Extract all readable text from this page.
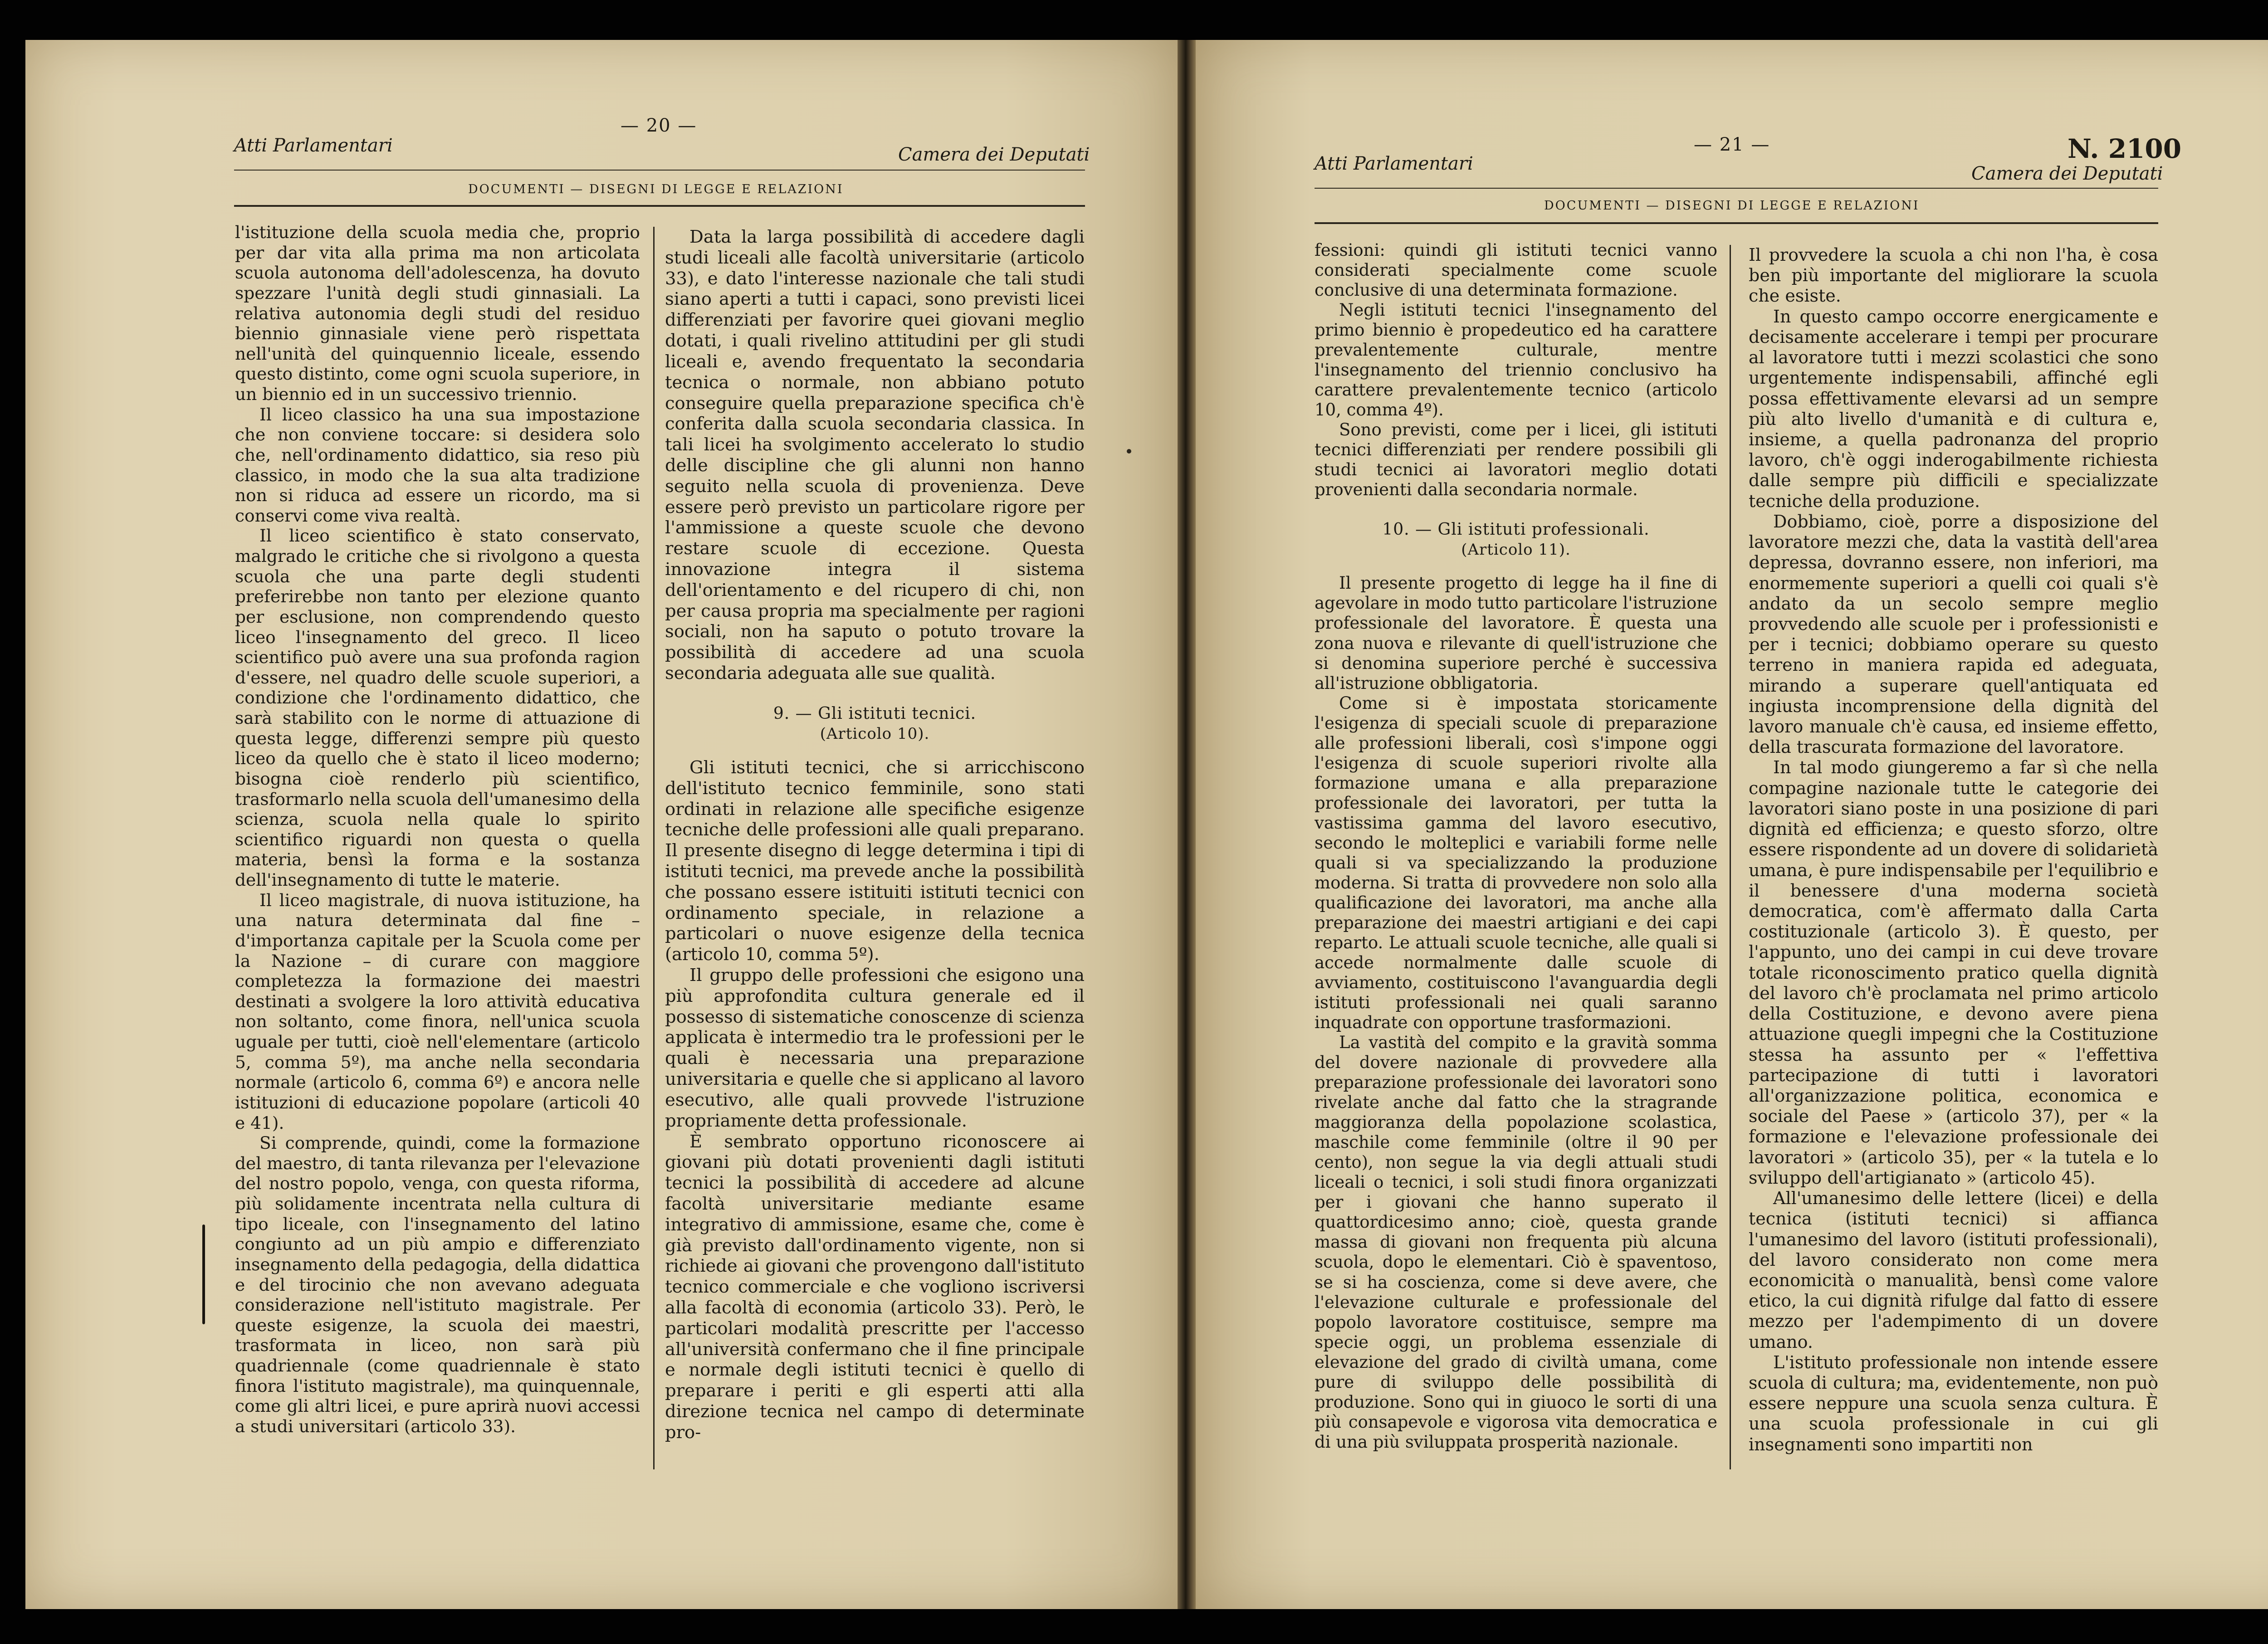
— 20 —
Atti Parlamentari	Camera dei Deputati
DOCUMENTI — DISEGNI DI LEGGE E RELAZIONI

l'istituzione della scuola media che, proprio per dar vita alla prima ma non articolata scuola autonoma dell'adolescenza, ha dovuto spezzare l'unità degli studi ginnasiali. La relativa autonomia degli studi del residuo biennio ginnasiale viene però rispettata nell'unità del quinquennio liceale, essendo questo distinto, come ogni scuola superiore, in un biennio ed in un successivo triennio.

Il liceo classico ha una sua impostazione che non conviene toccare: si desidera solo che, nell'ordinamento didattico, sia reso più classico, in modo che la sua alta tradizione non si riduca ad essere un ricordo, ma si conservi come viva realtà.

Il liceo scientifico è stato conservato, malgrado le critiche che si rivolgono a questa scuola che una parte degli studenti preferirebbe non tanto per elezione quanto per esclusione, non comprendendo questo liceo l'insegnamento del greco. Il liceo scientifico può avere una sua profonda ragion d'essere, nel quadro delle scuole superiori, a condizione che l'ordinamento didattico, che sarà stabilito con le norme di attuazione di questa legge, differenzi sempre più questo liceo da quello che è stato il liceo moderno; bisogna cioè renderlo più scientifico, trasformarlo nella scuola dell'umanesimo della scienza, scuola nella quale lo spirito scientifico riguardi non questa o quella materia, bensì la forma e la sostanza dell'insegnamento di tutte le materie.

Il liceo magistrale, di nuova istituzione, ha una natura determinata dal fine – d'importanza capitale per la Scuola come per la Nazione – di curare con maggiore completezza la formazione dei maestri destinati a svolgere la loro attività educativa non soltanto, come finora, nell'unica scuola uguale per tutti, cioè nell'elementare (articolo 5, comma 5º), ma anche nella secondaria normale (articolo 6, comma 6º) e ancora nelle istituzioni di educazione popolare (articoli 40 e 41).

Si comprende, quindi, come la formazione del maestro, di tanta rilevanza per l'elevazione del nostro popolo, venga, con questa riforma, più solidamente incentrata nella cultura di tipo liceale, con l'insegnamento del latino congiunto ad un più ampio e differenziato insegnamento della pedagogia, della didattica e del tirocinio che non avevano adeguata considerazione nell'istituto magistrale. Per queste esigenze, la scuola dei maestri, trasformata in liceo, non sarà più quadriennale (come quadriennale è stato finora l'istituto magistrale), ma quinquennale, come gli altri licei, e pure aprirà nuovi accessi a studi universitari (articolo 33).

Data la larga possibilità di accedere dagli studi liceali alle facoltà universitarie (articolo 33), e dato l'interesse nazionale che tali studi siano aperti a tutti i capaci, sono previsti licei differenziati per favorire quei giovani meglio dotati, i quali rivelino attitudini per gli studi liceali e, avendo frequentato la secondaria tecnica o normale, non abbiano potuto conseguire quella preparazione specifica ch'è conferita dalla scuola secondaria classica. In tali licei ha svolgimento accelerato lo studio delle discipline che gli alunni non hanno seguito nella scuola di provenienza. Deve essere però previsto un particolare rigore per l'ammissione a queste scuole che devono restare scuole di eccezione. Questa innovazione integra il sistema dell'orientamento e del ricupero di chi, non per causa propria ma specialmente per ragioni sociali, non ha saputo o potuto trovare la possibilità di accedere ad una scuola secondaria adeguata alle sue qualità.

9. — Gli istituti tecnici.
(Articolo 10).

Gli istituti tecnici, che si arricchiscono dell'istituto tecnico femminile, sono stati ordinati in relazione alle specifiche esigenze tecniche delle professioni alle quali preparano. Il presente disegno di legge determina i tipi di istituti tecnici, ma prevede anche la possibilità che possano essere istituiti istituti tecnici con ordinamento speciale, in relazione a particolari o nuove esigenze della tecnica (articolo 10, comma 5º).

Il gruppo delle professioni che esigono una più approfondita cultura generale ed il possesso di sistematiche conoscenze di scienza applicata è intermedio tra le professioni per le quali è necessaria una preparazione universitaria e quelle che si applicano al lavoro esecutivo, alle quali provvede l'istruzione propriamente detta professionale.

È sembrato opportuno riconoscere ai giovani più dotati provenienti dagli istituti tecnici la possibilità di accedere ad alcune facoltà universitarie mediante esame integrativo di ammissione, esame che, come è già previsto dall'ordinamento vigente, non si richiede ai giovani che provengono dall'istituto tecnico commerciale e che vogliono iscriversi alla facoltà di economia (articolo 33). Però, le particolari modalità prescritte per l'accesso all'università confermano che il fine principale e normale degli istituti tecnici è quello di preparare i periti e gli esperti atti alla direzione tecnica nel campo di determinate pro-

— 21 —
Atti Parlamentari	N. 2100
Camera dei Deputati
DOCUMENTI — DISEGNI DI LEGGE E RELAZIONI

fessioni: quindi gli istituti tecnici vanno considerati specialmente come scuole conclusive di una determinata formazione.

Negli istituti tecnici l'insegnamento del primo biennio è propedeutico ed ha carattere prevalentemente culturale, mentre l'insegnamento del triennio conclusivo ha carattere prevalentemente tecnico (articolo 10, comma 4º).

Sono previsti, come per i licei, gli istituti tecnici differenziati per rendere possibili gli studi tecnici ai lavoratori meglio dotati provenienti dalla secondaria normale.

10. — Gli istituti professionali.
(Articolo 11).

Il presente progetto di legge ha il fine di agevolare in modo tutto particolare l'istruzione professionale del lavoratore. È questa una zona nuova e rilevante di quell'istruzione che si denomina superiore perché è successiva all'istruzione obbligatoria.

Come si è impostata storicamente l'esigenza di speciali scuole di preparazione alle professioni liberali, così s'impone oggi l'esigenza di scuole superiori rivolte alla formazione umana e alla preparazione professionale dei lavoratori, per tutta la vastissima gamma del lavoro esecutivo, secondo le molteplici e variabili forme nelle quali si va specializzando la produzione moderna. Si tratta di provvedere non solo alla qualificazione dei lavoratori, ma anche alla preparazione dei maestri artigiani e dei capi reparto. Le attuali scuole tecniche, alle quali si accede normalmente dalle scuole di avviamento, costituiscono l'avanguardia degli istituti professionali nei quali saranno inquadrate con opportune trasformazioni.

La vastità del compito e la gravità somma del dovere nazionale di provvedere alla preparazione professionale dei lavoratori sono rivelate anche dal fatto che la stragrande maggioranza della popolazione scolastica, maschile come femminile (oltre il 90 per cento), non segue la via degli attuali studi liceali o tecnici, i soli studi finora organizzati per i giovani che hanno superato il quattordicesimo anno; cioè, questa grande massa di giovani non frequenta più alcuna scuola, dopo le elementari. Ciò è spaventoso, se si ha coscienza, come si deve avere, che l'elevazione culturale e professionale del popolo lavoratore costituisce, sempre ma specie oggi, un problema essenziale di elevazione del grado di civiltà umana, come pure di sviluppo delle possibilità di produzione. Sono qui in giuoco le sorti di una più consapevole e vigorosa vita democratica e di una più sviluppata prosperità nazionale.

Il provvedere la scuola a chi non l'ha, è cosa ben più importante del migliorare la scuola che esiste.

In questo campo occorre energicamente e decisamente accelerare i tempi per procurare al lavoratore tutti i mezzi scolastici che sono urgentemente indispensabili, affinché egli possa effettivamente elevarsi ad un sempre più alto livello d'umanità e di cultura e, insieme, a quella padronanza del proprio lavoro, ch'è oggi inderogabilmente richiesta dalle sempre più difficili e specializzate tecniche della produzione.

Dobbiamo, cioè, porre a disposizione del lavoratore mezzi che, data la vastità dell'area depressa, dovranno essere, non inferiori, ma enormemente superiori a quelli coi quali s'è andato da un secolo sempre meglio provvedendo alle scuole per i professionisti e per i tecnici; dobbiamo operare su questo terreno in maniera rapida ed adeguata, mirando a superare quell'antiquata ed ingiusta incomprensione della dignità del lavoro manuale ch'è causa, ed insieme effetto, della trascurata formazione del lavoratore.

In tal modo giungeremo a far sì che nella compagine nazionale tutte le categorie dei lavoratori siano poste in una posizione di pari dignità ed efficienza; e questo sforzo, oltre essere rispondente ad un dovere di solidarietà umana, è pure indispensabile per l'equilibrio e il benessere d'una moderna società democratica, com'è affermato dalla Carta costituzionale (articolo 3). È questo, per l'appunto, uno dei campi in cui deve trovare totale riconoscimento pratico quella dignità del lavoro ch'è proclamata nel primo articolo della Costituzione, e devono avere piena attuazione quegli impegni che la Costituzione stessa ha assunto per « l'effettiva partecipazione di tutti i lavoratori all'organizzazione politica, economica e sociale del Paese » (articolo 37), per « la formazione e l'elevazione professionale dei lavoratori » (articolo 35), per « la tutela e lo sviluppo dell'artigianato » (articolo 45).

All'umanesimo delle lettere (licei) e della tecnica (istituti tecnici) si affianca l'umanesimo del lavoro (istituti professionali), del lavoro considerato non come mera economicità o manualità, bensì come valore etico, la cui dignità rifulge dal fatto di essere mezzo per l'adempimento di un dovere umano.

L'istituto professionale non intende essere scuola di cultura; ma, evidentemente, non può essere neppure una scuola senza cultura. È una scuola professionale in cui gli insegnamenti sono impartiti non
